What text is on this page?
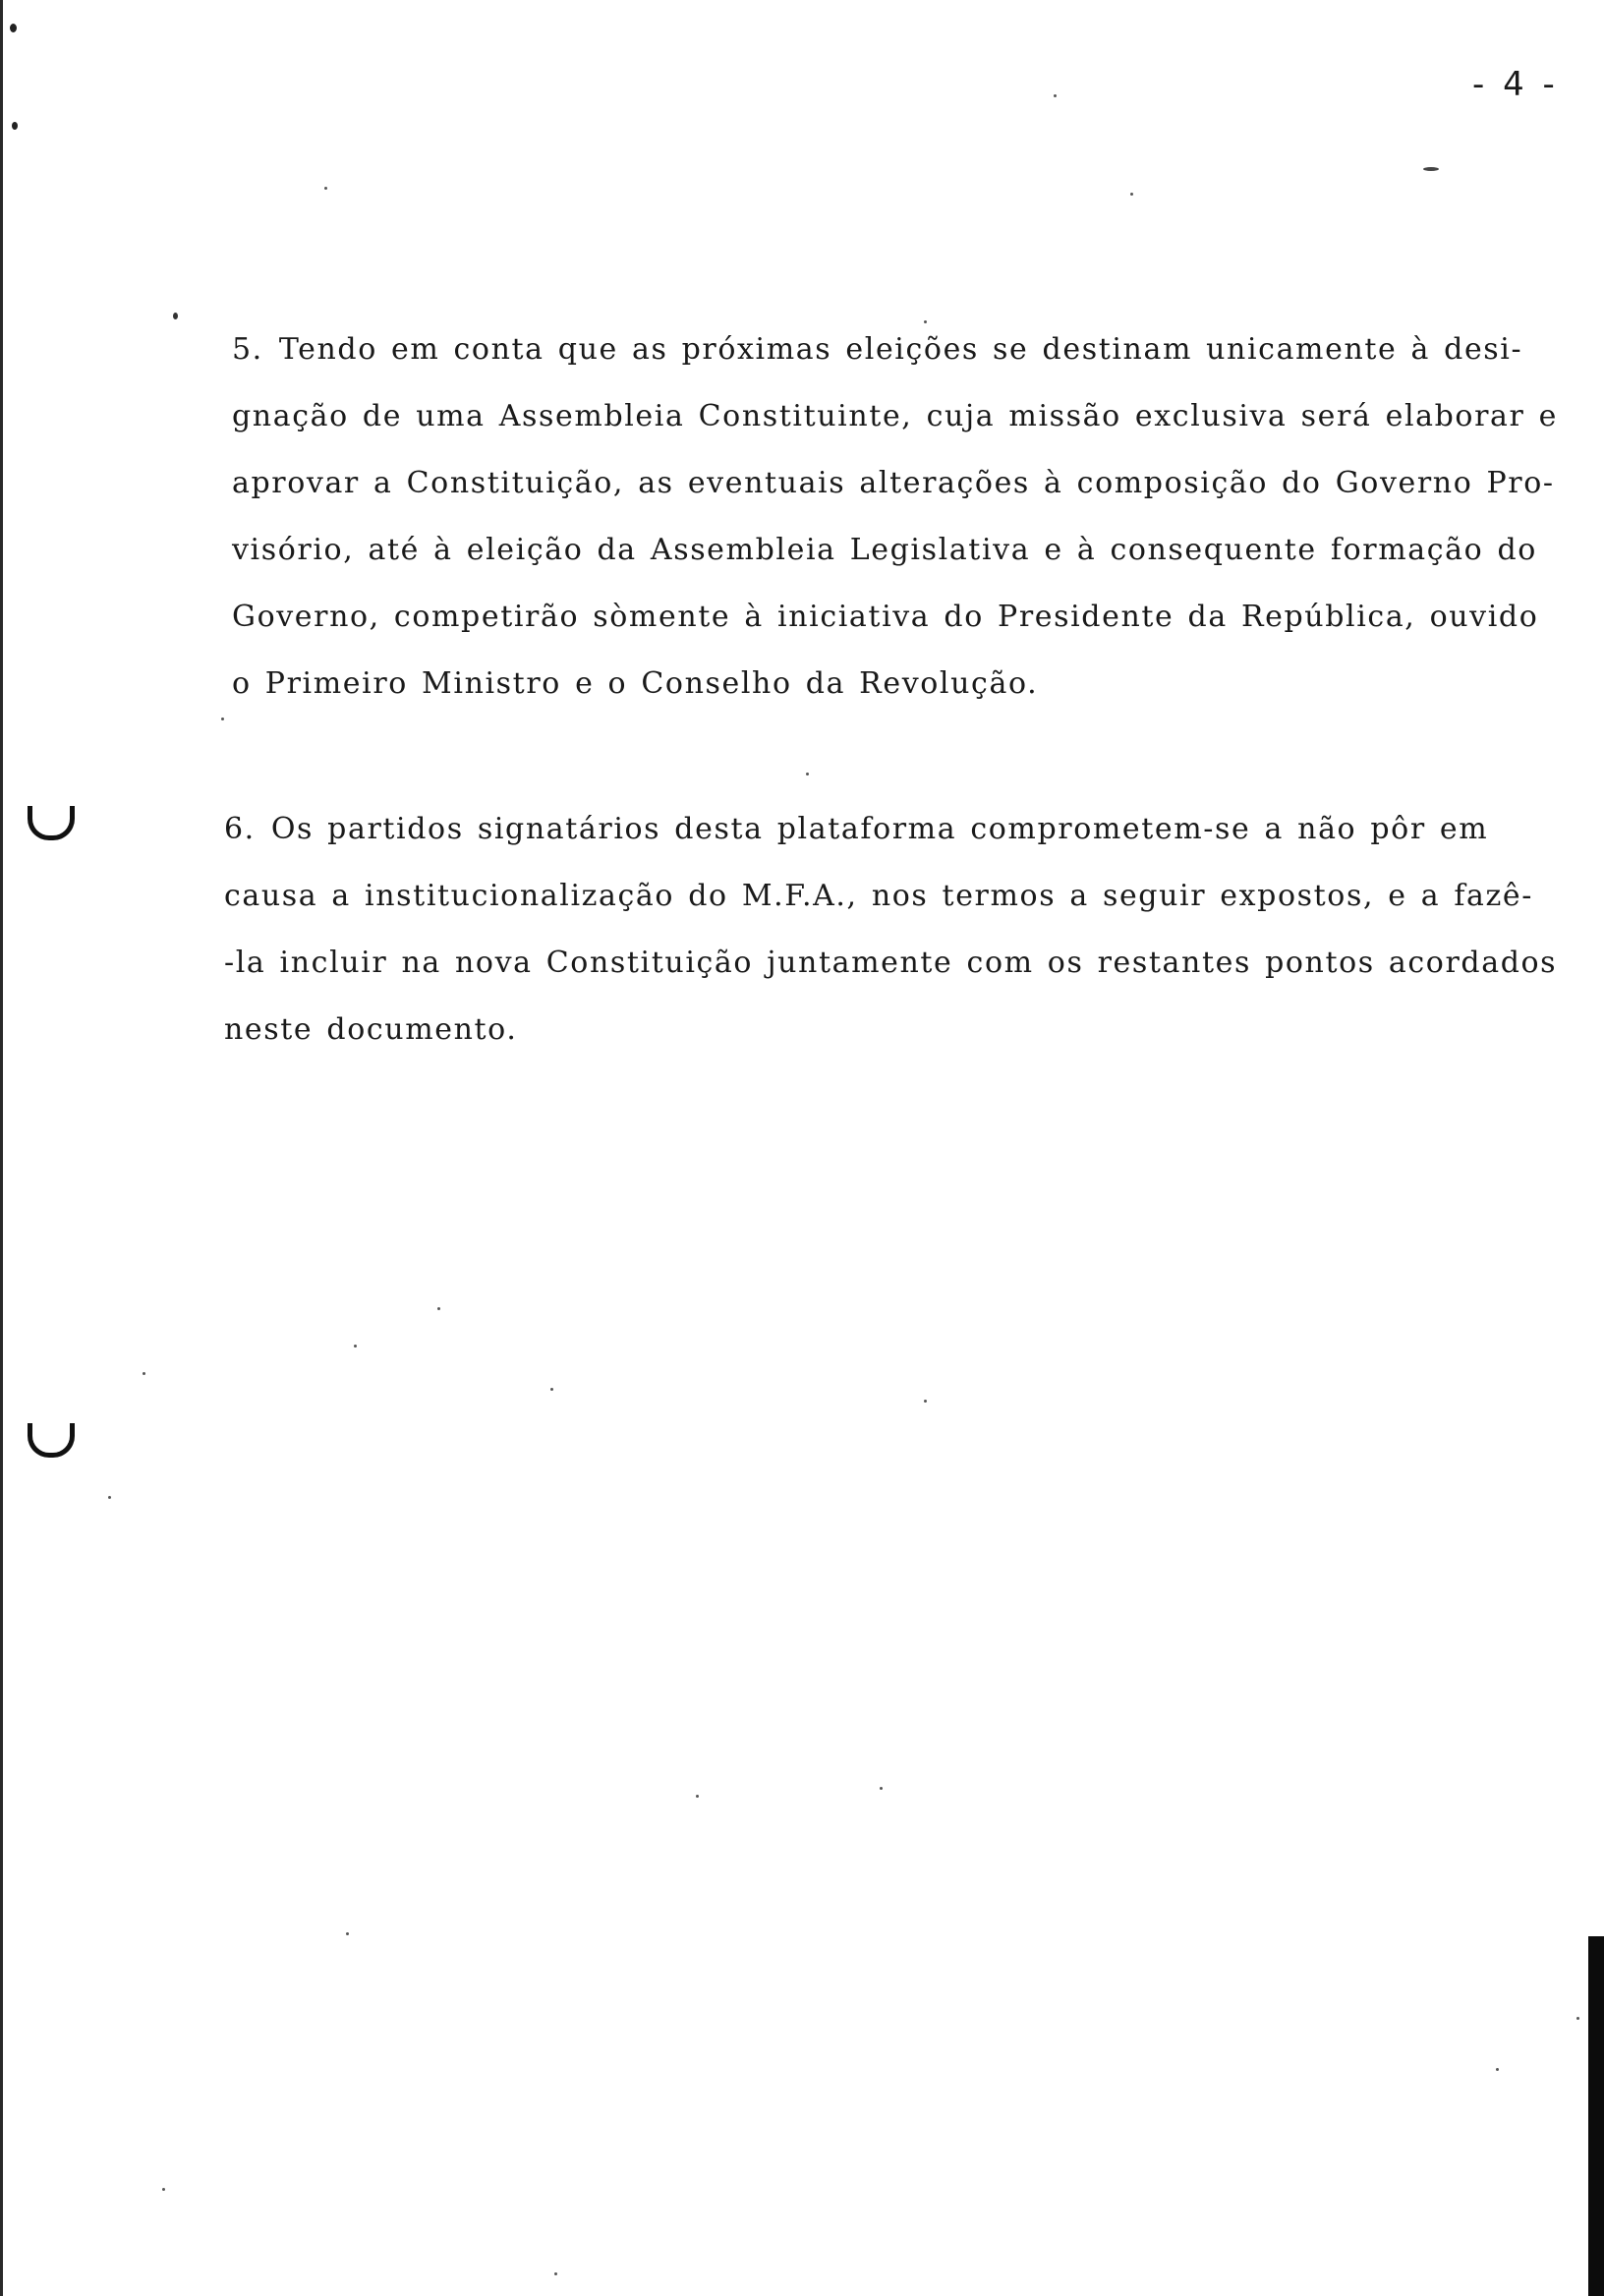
- 4 -

5. Tendo em conta que as próximas eleições se destinam unicamente à desi-
gnação de uma Assembleia Constituinte, cuja missão exclusiva será elaborar e
aprovar a Constituição, as eventuais alterações à composição do Governo Pro-
visório, até à eleição da Assembleia Legislativa e à consequente formação do
Governo, competirão sòmente à iniciativa do Presidente da República, ouvido
o Primeiro Ministro e o Conselho da Revolução.

6. Os partidos signatários desta plataforma comprometem-se a não pôr em
causa a institucionalização do M.F.A., nos termos a seguir expostos, e a fazê-
-la incluir na nova Constituição juntamente com os restantes pontos acordados
neste documento.
